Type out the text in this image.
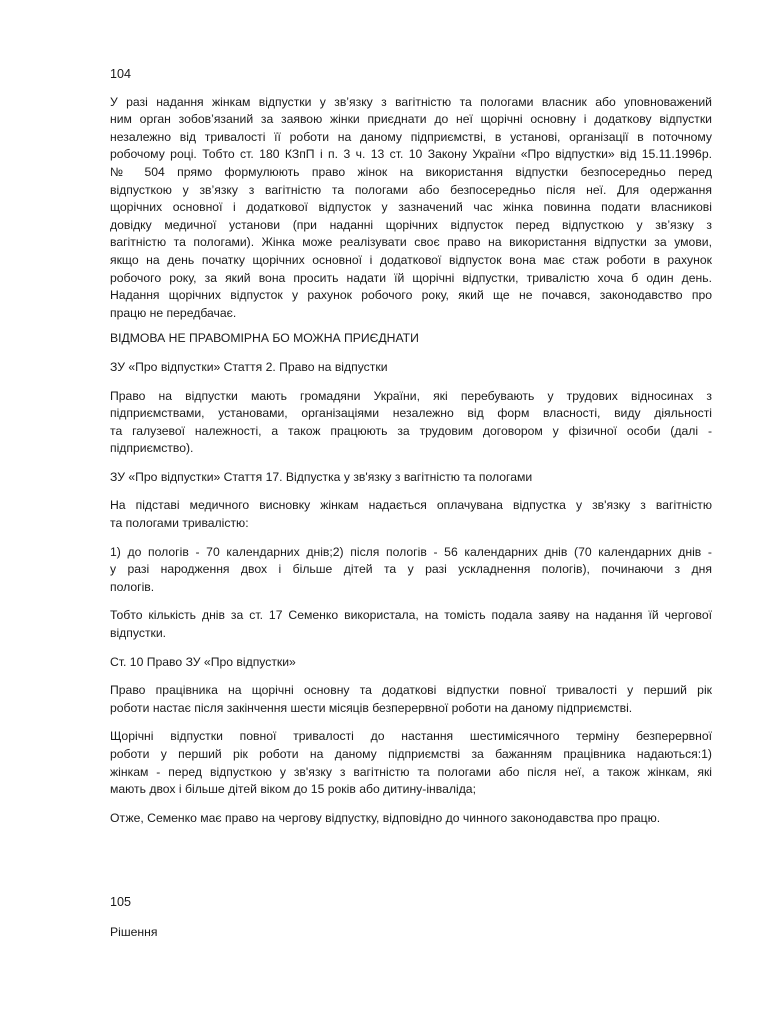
104

У разі надання жінкам відпустки у зв’язку з вагітністю та пологами власник або уповноважений
ним орган зобов’язаний за заявою жінки приєднати до неї щорічні основну і додаткову відпустки
незалежно від тривалості її роботи на даному підприємстві, в установі, організації в поточному
робочому році. Тобто ст. 180 КЗпП і п. 3 ч. 13 ст. 10 Закону України «Про відпустки» від 15.11.1996р.
№ 504 прямо формулюють право жінок на використання відпустки безпосередньо перед
відпусткою у зв’язку з вагітністю та пологами або безпосередньо після неї. Для одержання
щорічних основної і додаткової відпусток у зазначений час жінка повинна подати власникові
довідку медичної установи (при наданні щорічних відпусток перед відпусткою у зв’язку з
вагітністю та пологами). Жінка може реалізувати своє право на використання відпустки за умови,
якщо на день початку щорічних основної і додаткової відпусток вона має стаж роботи в рахунок
робочого року, за який вона просить надати їй щорічні відпустки, тривалістю хоча б один день.
Надання щорічних відпусток у рахунок робочого року, який ще не почався, законодавство про
працю не передбачає.

ВІДМОВА НЕ ПРАВОМІРНА БО МОЖНА ПРИЄДНАТИ

ЗУ «Про відпустки» Стаття 2. Право на відпустки

Право на відпустки мають громадяни України, які перебувають у трудових відносинах з
підприємствами, установами, організаціями незалежно від форм власності, виду діяльності
та галузевої належності, а також працюють за трудовим договором у фізичної особи (далі -
підприємство).

ЗУ «Про відпустки» Стаття 17. Відпустка у зв'язку з вагітністю та пологами

На підставі медичного висновку жінкам надається оплачувана відпустка у зв'язку з вагітністю
та пологами тривалістю:
1) до пологів - 70 календарних днів;2) після пологів - 56 календарних днів (70 календарних днів -
у разі народження двох і більше дітей та у разі ускладнення пологів), починаючи з дня
пологів.
Тобто кількість днів за ст. 17 Семенко використала, на томість подала заяву на надання їй чергової
відпустки.

Ст. 10 Право ЗУ «Про відпустки»

Право працівника на щорічні основну та додаткові відпустки повної тривалості у перший рік
роботи настає після закінчення шести місяців безперервної роботи на даному підприємстві.
Щорічні відпустки повної тривалості до настання шестимісячного терміну безперервної
роботи у перший рік роботи на даному підприємстві за бажанням працівника надаються:1)
жінкам - перед відпусткою у зв'язку з вагітністю та пологами або після неї, а також жінкам, які
мають двох і більше дітей віком до 15 років або дитину-інваліда;
Отже, Семенко має право на чергову відпустку, відповідно до чинного законодавства про працю.

105

Рішення
